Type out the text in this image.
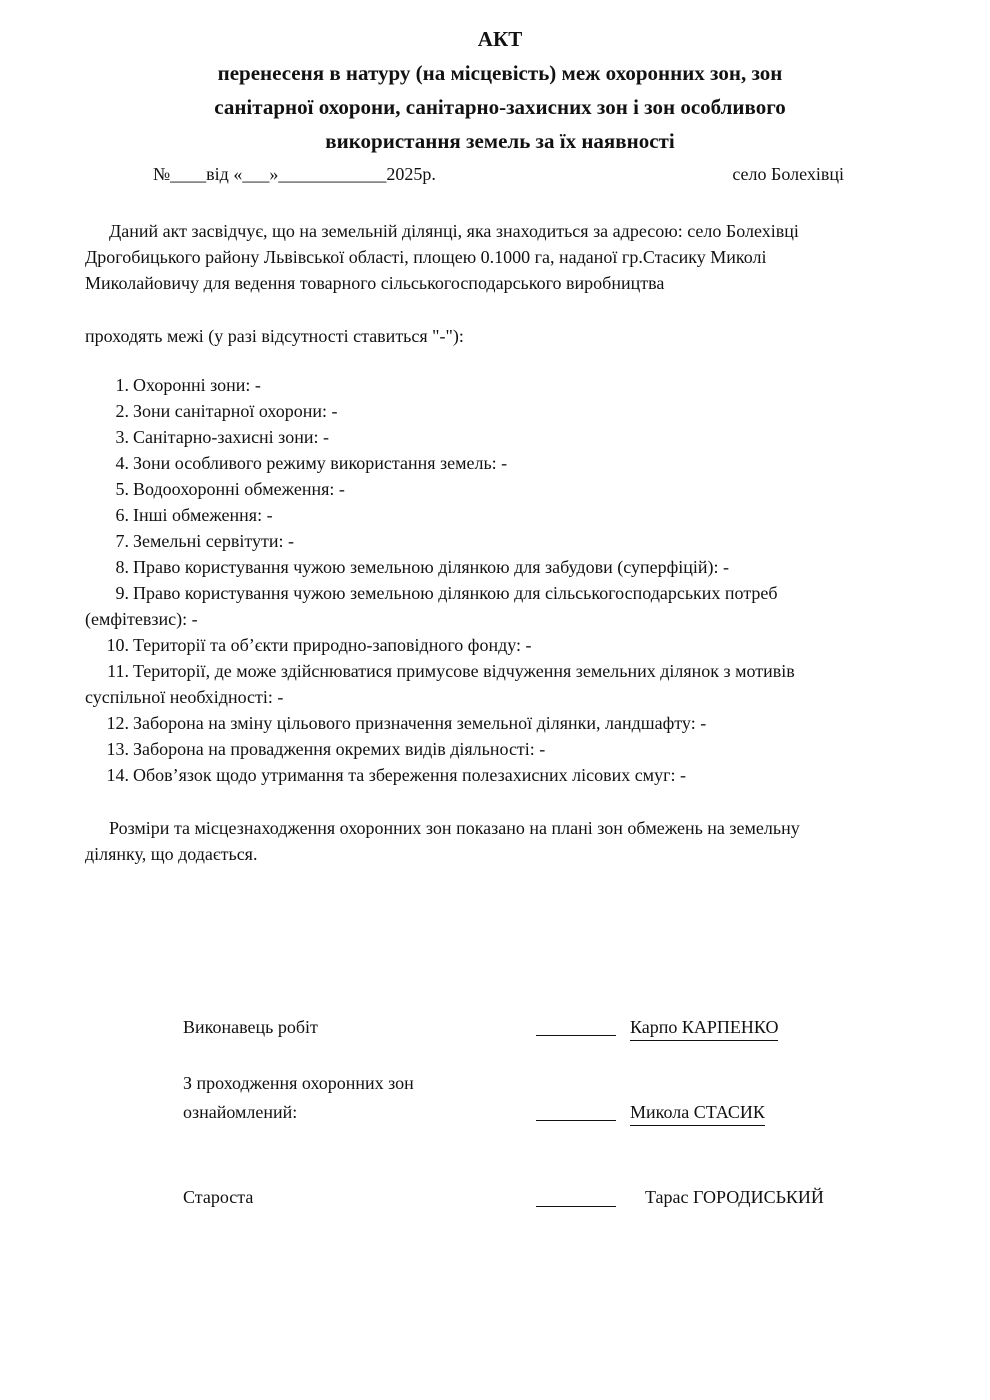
АКТ
перенесеня в натуру (на місцевість) меж охоронних зон, зон
санітарної охорони, санітарно-захисних зон і зон особливого
використання земель за їх наявності
№____від «___»____________2025р.	село Болехівці
Даний акт засвідчує, що на земельній ділянці, яка знаходиться за адресою: село Болехівці
Дрогобицького району Львівської області, площею 0.1000 га, наданої гр.Стасику Миколі
Миколайовичу для ведення товарного сільськогосподарського виробництва
проходять межі (у разі відсутності ставиться "-"):
1. Охоронні зони: -
2. Зони санітарної охорони: -
3. Санітарно-захисні зони: -
4. Зони особливого режиму використання земель: -
5. Водоохоронні обмеження: -
6. Інші обмеження: -
7. Земельні сервітути: -
8. Право користування чужою земельною ділянкою для забудови (суперфіцій): -
9. Право користування чужою земельною ділянкою для сільськогосподарських потреб
(емфітевзис): -
10. Території та об’єкти природно-заповідного фонду: -
11. Території, де може здійснюватися примусове відчуження земельних ділянок з мотивів
суспільної необхідності: -
12. Заборона на зміну цільового призначення земельної ділянки, ландшафту: -
13. Заборона на провадження окремих видів діяльності: -
14. Обов’язок щодо утримання та збереження полезахисних лісових смуг: -
Розміри та місцезнаходження охоронних зон показано на плані зон обмежень на земельну
ділянку, що додається.
Виконавець робіт	Карпо КАРПЕНКО
З проходження охоронних зон
ознайомлений:	Микола СТАСИК
Староста	Тарас ГОРОДИСЬКИЙ
